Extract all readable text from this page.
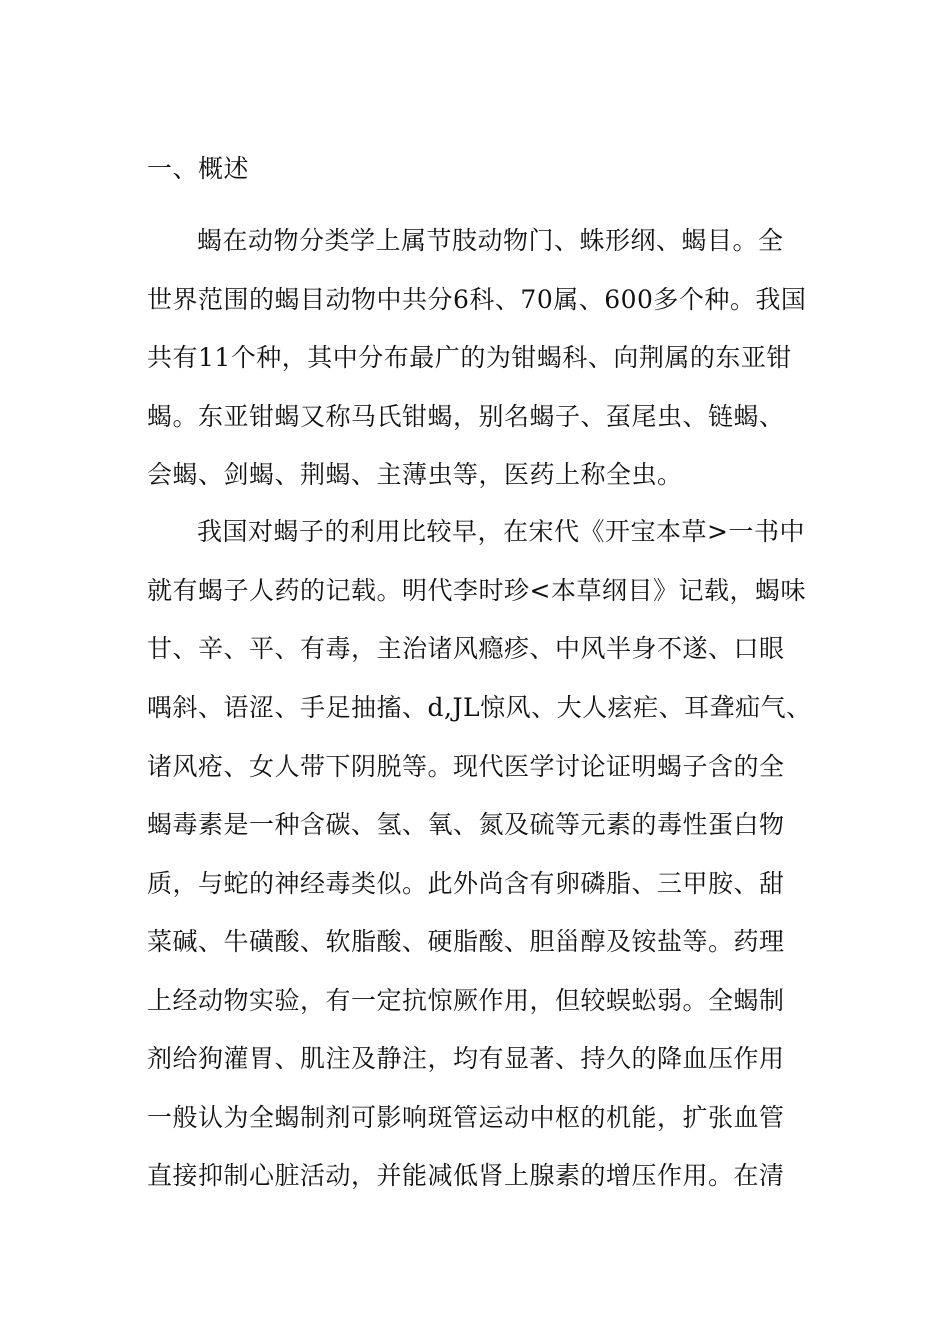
一、概述
蝎在动物分类学上属节肢动物门、蛛形纲、蝎目。全
世界范围的蝎目动物中共分6科、70属、600多个种。我国
共有11个种，其中分布最广的为钳蝎科、向荆属的东亚钳
蝎。东亚钳蝎又称马氏钳蝎，别名蝎子、虿尾虫、链蝎、
会蝎、剑蝎、荆蝎、主薄虫等，医药上称全虫。
我国对蝎子的利用比较早，在宋代《开宝本草>一书中
就有蝎子人药的记载。明代李时珍<本草纲目》记载，蝎味
甘、辛、平、有毒，主治诸风瘾疹、中风半身不遂、口眼
喁斜、语涩、手足抽搐、d,JL惊风、大人痃疟、耳聋疝气、
诸风疮、女人带下阴脱等。现代医学讨论证明蝎子含的全
蝎毒素是一种含碳、氢、氧、氮及硫等元素的毒性蛋白物
质，与蛇的神经毒类似。此外尚含有卵磷脂、三甲胺、甜
菜碱、牛磺酸、软脂酸、硬脂酸、胆甾醇及铵盐等。药理
上经动物实验，有一定抗惊厥作用，但较蜈蚣弱。全蝎制
剂给狗灌胃、肌注及静注，均有显著、持久的降血压作用
一般认为全蝎制剂可影响斑管运动中枢的机能，扩张血管
直接抑制心脏活动，并能减低肾上腺素的增压作用。在清
